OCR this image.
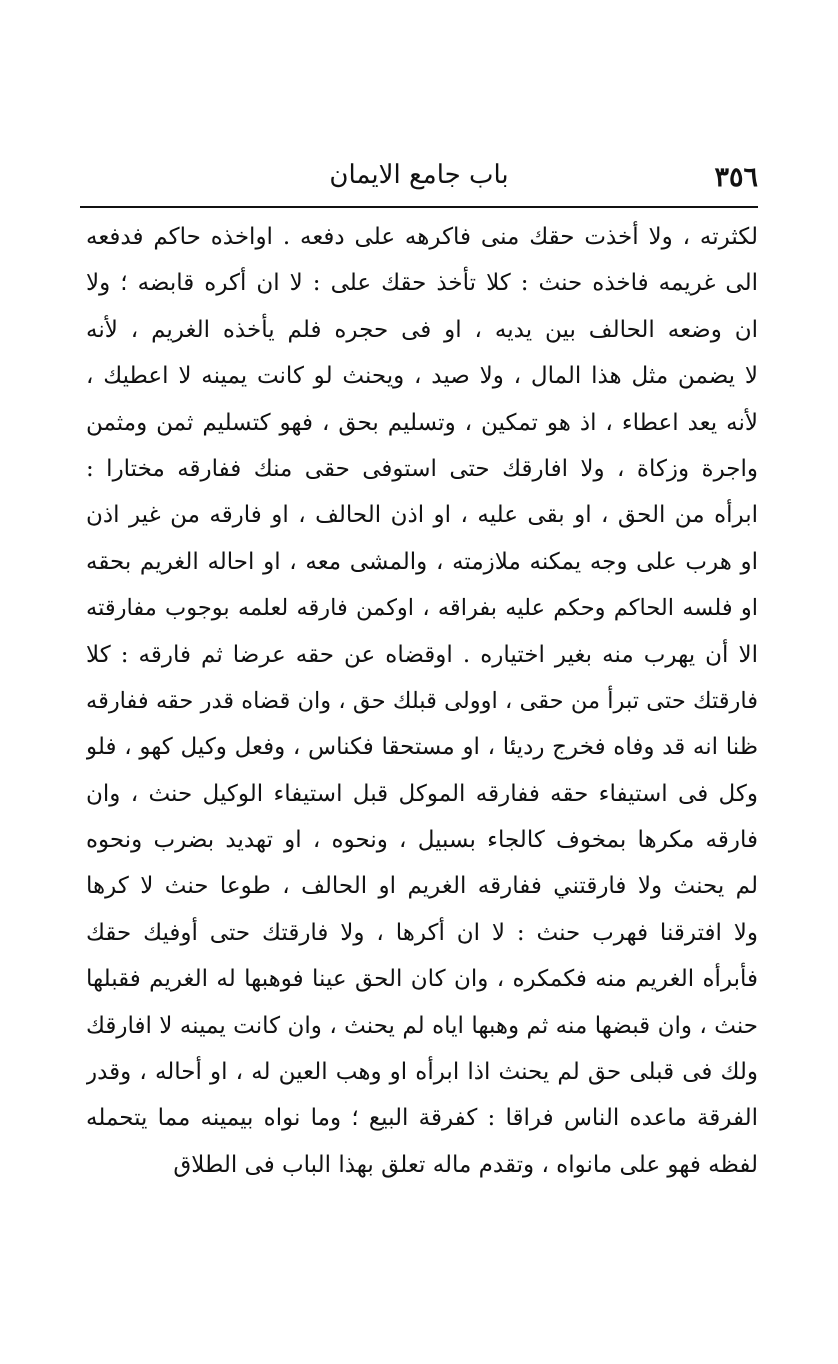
٣٥٦
باب جامع الايمان
لكثرته ، ولا أخذت حقك منى فاكرهه على دفعه . اواخذه حاكم فدفعه
الى غريمه فاخذه حنث : كلا تأخذ حقك على : لا ان أكره قابضه ؛ ولا
ان وضعه الحالف بين يديه ، او فى حجره فلم يأخذه الغريم ، لأنه
لا يضمن مثل هذا المال ، ولا صيد ، ويحنث لو كانت يمينه لا اعطيك ،
لأنه يعد اعطاء ، اذ هو تمكين ، وتسليم بحق ، فهو كتسليم ثمن ومثمن
واجرة وزكاة ، ولا افارقك حتى استوفى حقى منك ففارقه مختارا :
ابرأه من الحق ، او بقى عليه ، او اذن الحالف ، او فارقه من غير اذن
او هرب على وجه يمكنه ملازمته ، والمشى معه ، او احاله الغريم بحقه
او فلسه الحاكم وحكم عليه بفراقه ، اوكمن فارقه لعلمه بوجوب مفارقته
الا أن يهرب منه بغير اختياره . اوقضاه عن حقه عرضا ثم فارقه : كلا
فارقتك حتى تبرأ من حقى ، اوولى قبلك حق ، وان قضاه قدر حقه ففارقه
ظنا انه قد وفاه فخرج رديئا ، او مستحقا فكناس ، وفعل وكيل كهو ، فلو
وكل فى استيفاء حقه ففارقه الموكل قبل استيفاء الوكيل حنث ، وان
فارقه مكرها بمخوف كالجاء بسبيل ، ونحوه ، او تهديد بضرب ونحوه
لم يحنث ولا فارقتني ففارقه الغريم او الحالف ، طوعا حنث لا كرها
ولا افترقنا فهرب حنث : لا ان أكرها ، ولا فارقتك حتى أوفيك حقك
فأبرأه الغريم منه فكمكره ، وان كان الحق عينا فوهبها له الغريم فقبلها
حنث ، وان قبضها منه ثم وهبها اياه لم يحنث ، وان كانت يمينه لا افارقك
ولك فى قبلى حق لم يحنث اذا ابرأه او وهب العين له ، او أحاله ، وقدر
الفرقة ماعده الناس فراقا : كفرقة البيع ؛ وما نواه بيمينه مما يتحمله
لفظه فهو على مانواه ، وتقدم ماله تعلق بهذا الباب فى الطلاق
